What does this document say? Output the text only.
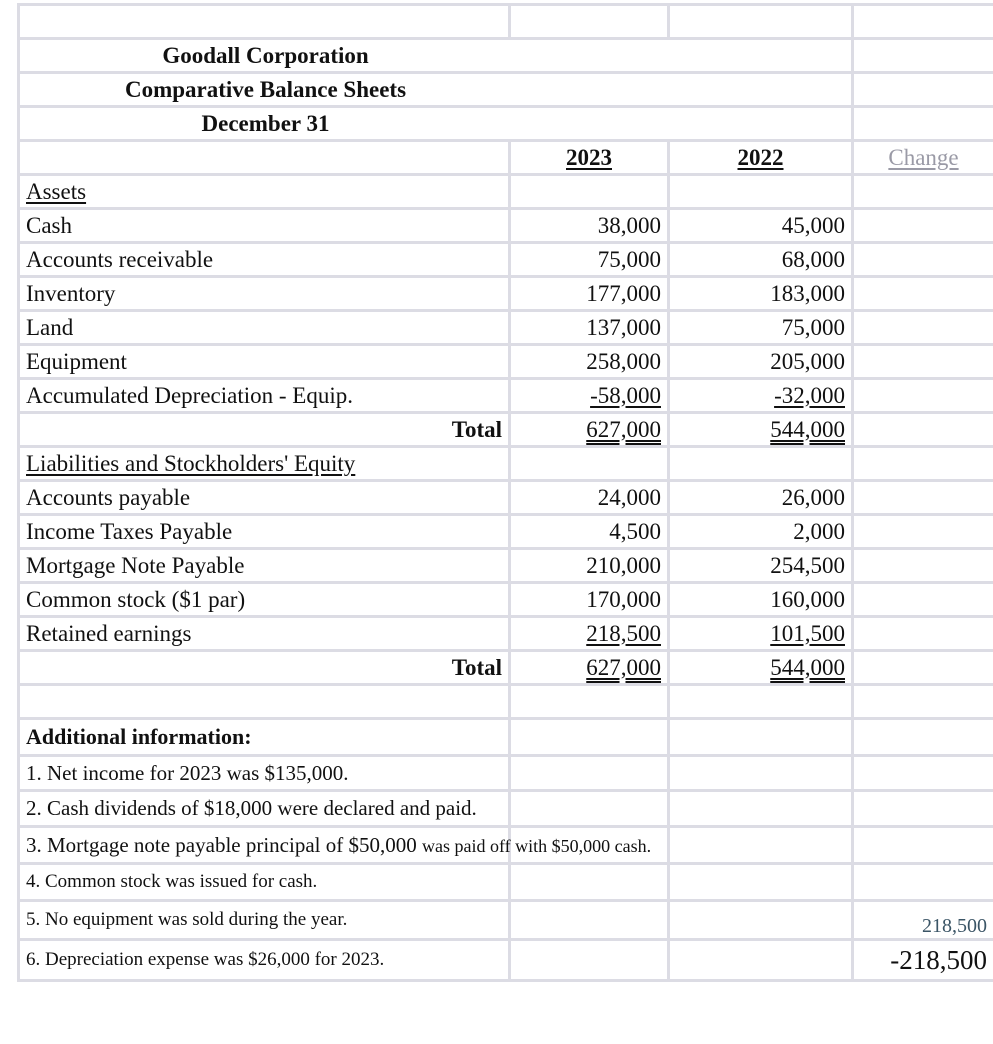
Goodall Corporation			

Comparative Balance Sheets			

December 31			

	2023	2022	Change
Assets			
Cash	38,000	45,000	
Accounts receivable	75,000	68,000	
Inventory	177,000	183,000	
Land	137,000	75,000	
Equipment	258,000	205,000	
Accumulated Depreciation - Equip.	-58,000	-32,000	
Total	627,000	544,000	
Liabilities and Stockholders' Equity			
Accounts payable	24,000	26,000	
Income Taxes Payable	4,500	2,000	
Mortgage Note Payable	210,000	254,500	
Common stock ($1 par)	170,000	160,000	
Retained earnings	218,500	101,500	
Total	627,000	544,000	

Additional information:			
1. Net income for 2023 was $135,000.			
2. Cash dividends of $18,000 were declared and paid.			
3. Mortgage note payable principal of $50,000 was paid off with $50,000 cash.			
4. Common stock was issued for cash.			
5. No equipment was sold during the year.			218,500
6. Depreciation expense was $26,000 for 2023.			-218,500
